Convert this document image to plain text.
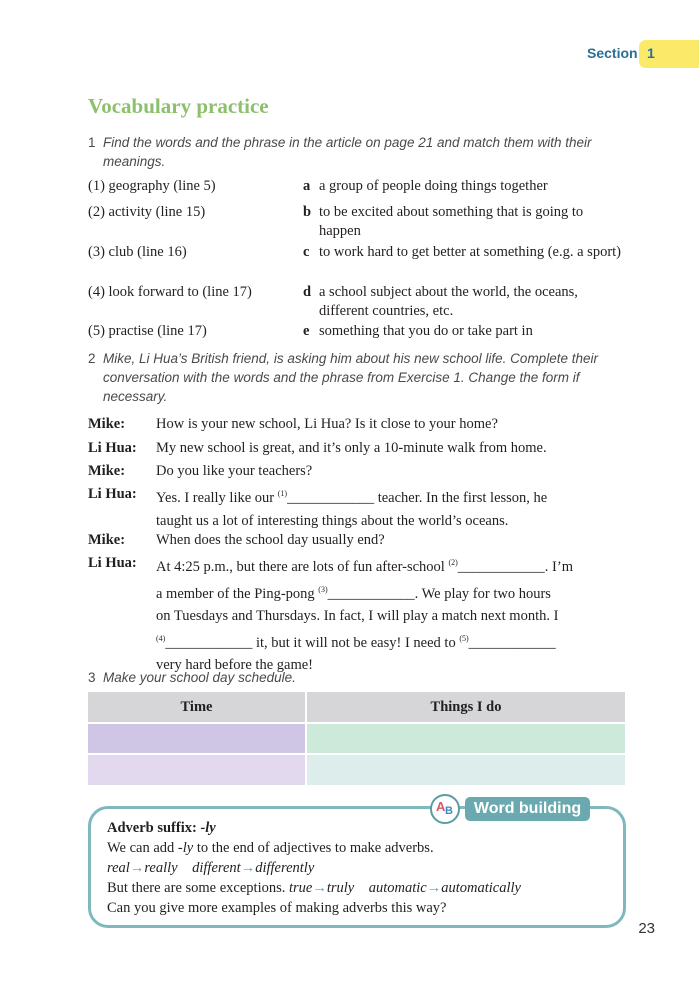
Section 1
Vocabulary practice
1 Find the words and the phrase in the article on page 21 and match them with their meanings.
(1) geography (line 5)	a a group of people doing things together
(2) activity (line 15)	b to be excited about something that is going to happen
(3) club (line 16)	c to work hard to get better at something (e.g. a sport)
(4) look forward to (line 17)	d a school subject about the world, the oceans, different countries, etc.
(5) practise (line 17)	e something that you do or take part in
2 Mike, Li Hua’s British friend, is asking him about his new school life. Complete their conversation with the words and the phrase from Exercise 1. Change the form if necessary.
Mike: How is your new school, Li Hua? Is it close to your home?
Li Hua: My new school is great, and it’s only a 10-minute walk from home.
Mike: Do you like your teachers?
Li Hua: Yes. I really like our $^{(1)}$____________ teacher. In the first lesson, he
taught us a lot of interesting things about the world’s oceans.
Mike: When does the school day usually end?
Li Hua: At 4:25 p.m., but there are lots of fun after-school $^{(2)}$____________. I’m
a member of the Ping-pong $^{(3)}$____________. We play for two hours
on Tuesdays and Thursdays. In fact, I will play a match next month. I
$^{(4)}$____________ it, but it will not be easy! I need to $^{(5)}$____________
very hard before the game!
3 Make your school day schedule.
Time	Things I do

A B	Word building
Adverb suffix: -ly
We can add -ly to the end of adjectives to make adverbs.
real→really different→differently
But there are some exceptions. true→truly automatic→automatically
Can you give more examples of making adverbs this way?
23
